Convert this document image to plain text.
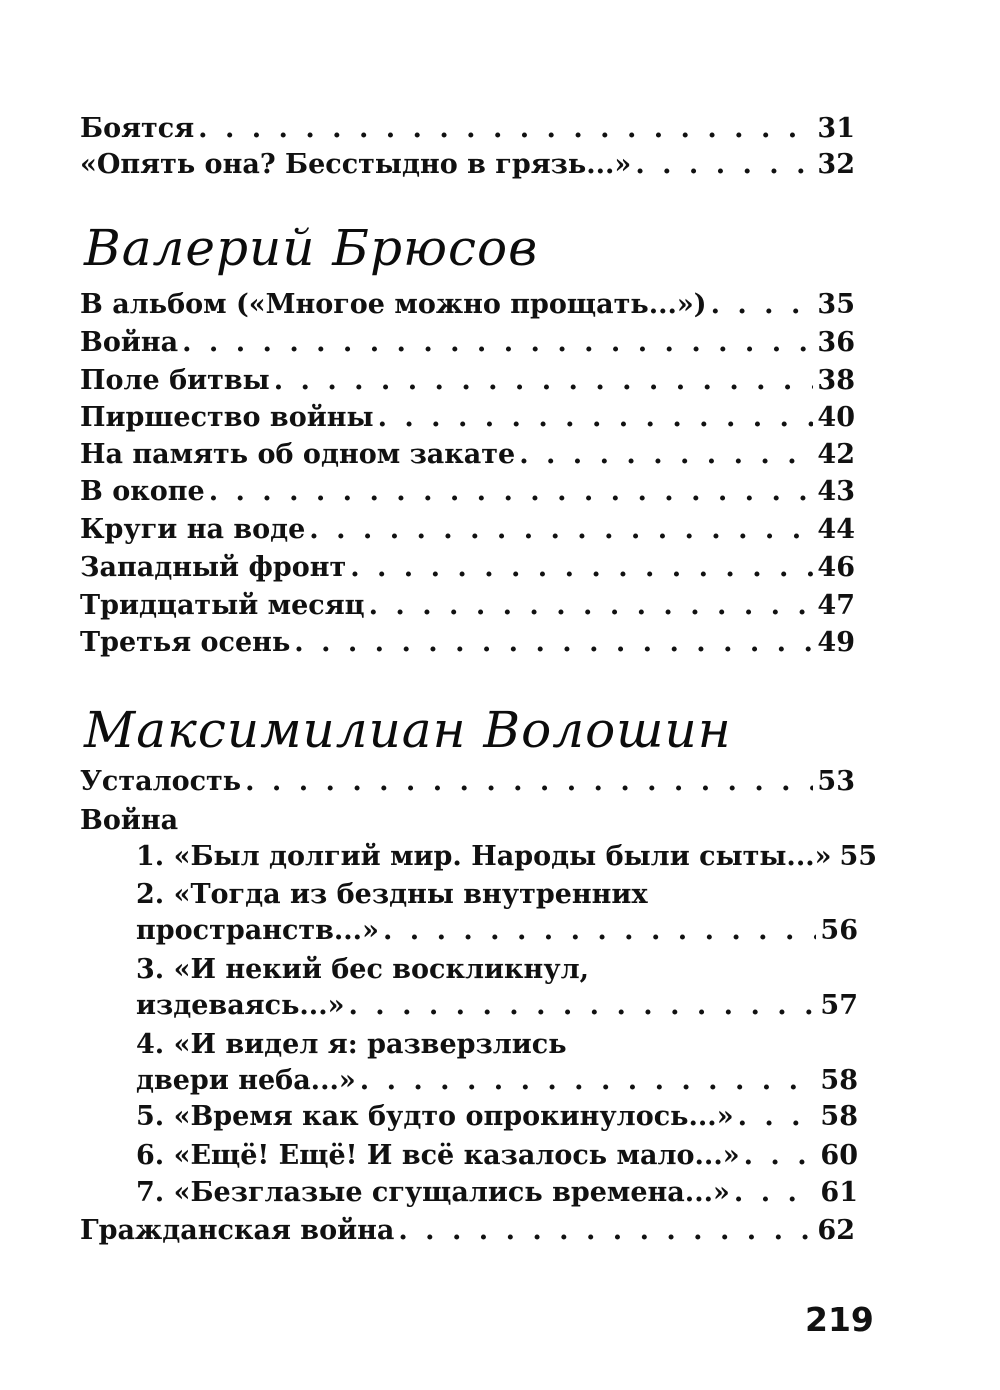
Боятся . . .	31
«Опять она? Бесстыдно в грязь...» . . .	32
Валерий Брюсов
В альбом («Многое можно прощать...») . . .	35
Война . . .	36
Поле битвы . . .	38
Пиршество войны . . .	40
На память об одном закате . . .	42
В окопе . . .	43
Круги на воде . . .	44
Западный фронт . . .	46
Тридцатый месяц . . .	47
Третья осень . . .	49
Максимилиан Волошин
Усталость . . .	53
Война
1. «Был долгий мир. Народы были сыты...» 55
2. «Тогда из бездны внутренних
пространств...» . . .	56
3. «И некий бес воскликнул,
издеваясь...» . . .	57
4. «И видел я: разверзлись
двери неба...» . . .	58
5. «Время как будто опрокинулось...» . . .	58
6. «Ещё! Ещё! И всё казалось мало...» . . .	60
7. «Безглазые сгущались времена...» . . .	61
Гражданская война . . .	62
219
